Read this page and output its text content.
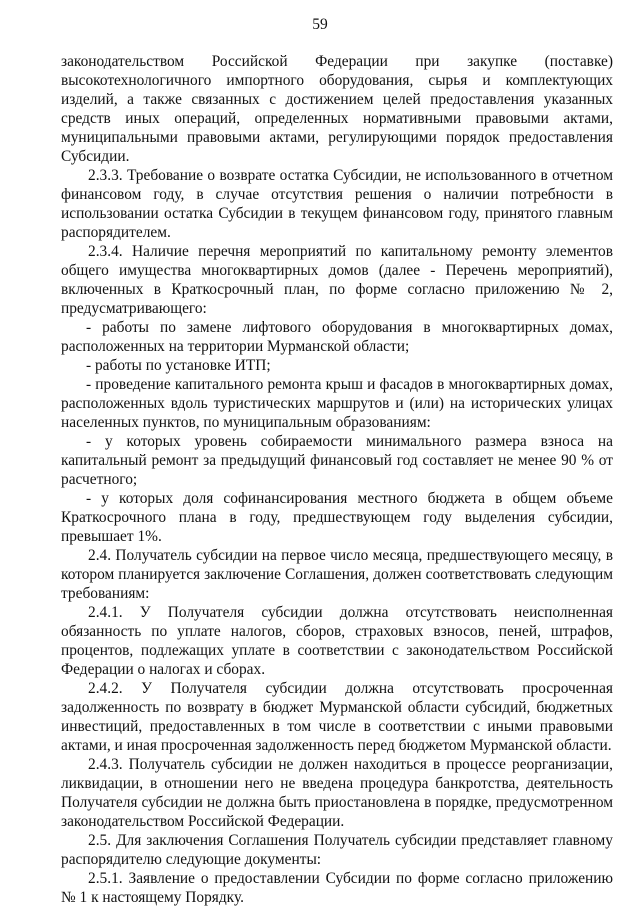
59

законодательством Российской Федерации при закупке (поставке) высокотехнологичного импортного оборудования, сырья и комплектующих изделий, а также связанных с достижением целей предоставления указанных средств иных операций, определенных нормативными правовыми актами, муниципальными правовыми актами, регулирующими порядок предоставления Субсидии.

2.3.3. Требование о возврате остатка Субсидии, не использованного в отчетном финансовом году, в случае отсутствия решения о наличии потребности в использовании остатка Субсидии в текущем финансовом году, принятого главным распорядителем.

2.3.4. Наличие перечня мероприятий по капитальному ремонту элементов общего имущества многоквартирных домов (далее - Перечень мероприятий), включенных в Краткосрочный план, по форме согласно приложению № 2, предусматривающего:

- работы по замене лифтового оборудования в многоквартирных домах, расположенных на территории Мурманской области;

- работы по установке ИТП;

- проведение капитального ремонта крыш и фасадов в многоквартирных домах, расположенных вдоль туристических маршрутов и (или) на исторических улицах населенных пунктов, по муниципальным образованиям:

- у которых уровень собираемости минимального размера взноса на капитальный ремонт за предыдущий финансовый год составляет не менее 90 % от расчетного;

- у которых доля софинансирования местного бюджета в общем объеме Краткосрочного плана в году, предшествующем году выделения субсидии, превышает 1%.

2.4. Получатель субсидии на первое число месяца, предшествующего месяцу, в котором планируется заключение Соглашения, должен соответствовать следующим требованиям:

2.4.1. У Получателя субсидии должна отсутствовать неисполненная обязанность по уплате налогов, сборов, страховых взносов, пеней, штрафов, процентов, подлежащих уплате в соответствии с законодательством Российской Федерации о налогах и сборах.

2.4.2. У Получателя субсидии должна отсутствовать просроченная задолженность по возврату в бюджет Мурманской области субсидий, бюджетных инвестиций, предоставленных в том числе в соответствии с иными правовыми актами, и иная просроченная задолженность перед бюджетом Мурманской области.

2.4.3. Получатель субсидии не должен находиться в процессе реорганизации, ликвидации, в отношении него не введена процедура банкротства, деятельность Получателя субсидии не должна быть приостановлена в порядке, предусмотренном законодательством Российской Федерации.

2.5. Для заключения Соглашения Получатель субсидии представляет главному распорядителю следующие документы:

2.5.1. Заявление о предоставлении Субсидии по форме согласно приложению № 1 к настоящему Порядку.
